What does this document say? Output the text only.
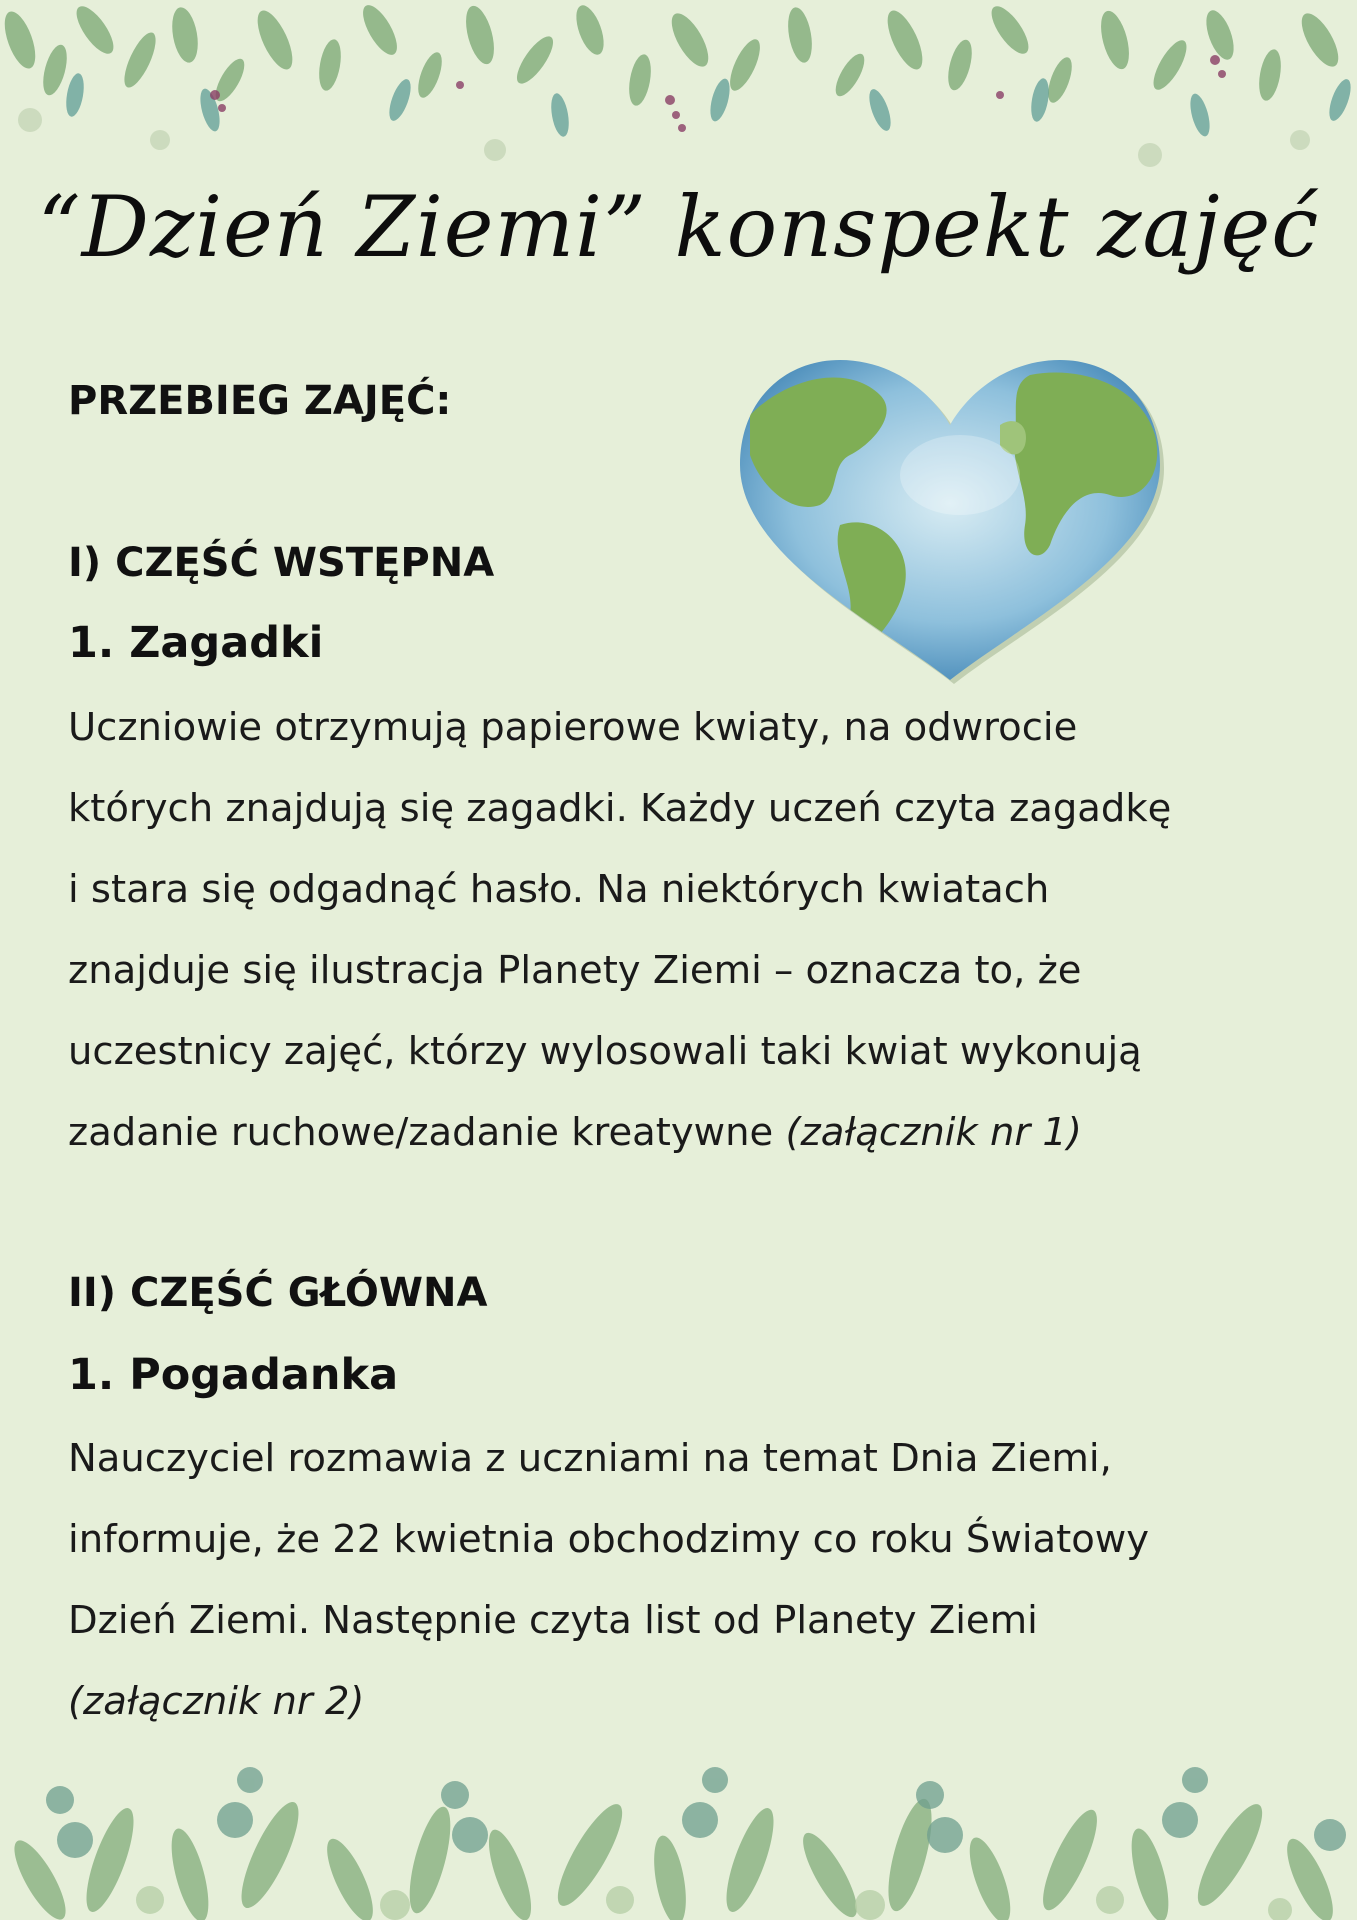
“Dzień Ziemi” konspekt zajęć
PRZEBIEG ZAJĘĆ:
I) CZĘŚĆ WSTĘPNA
1. Zagadki
Uczniowie otrzymują papierowe kwiaty, na odwrocie
których znajdują się zagadki. Każdy uczeń czyta zagadkę
i stara się odgadnąć hasło. Na niektórych kwiatach
znajduje się ilustracja Planety Ziemi – oznacza to, że
uczestnicy zajęć, którzy wylosowali taki kwiat wykonują
zadanie ruchowe/zadanie kreatywne (załącznik nr 1)
II) CZĘŚĆ GŁÓWNA
1. Pogadanka
Nauczyciel rozmawia z uczniami na temat Dnia Ziemi,
informuje, że 22 kwietnia obchodzimy co roku Światowy
Dzień Ziemi. Następnie czyta list od Planety Ziemi
(załącznik nr 2)
